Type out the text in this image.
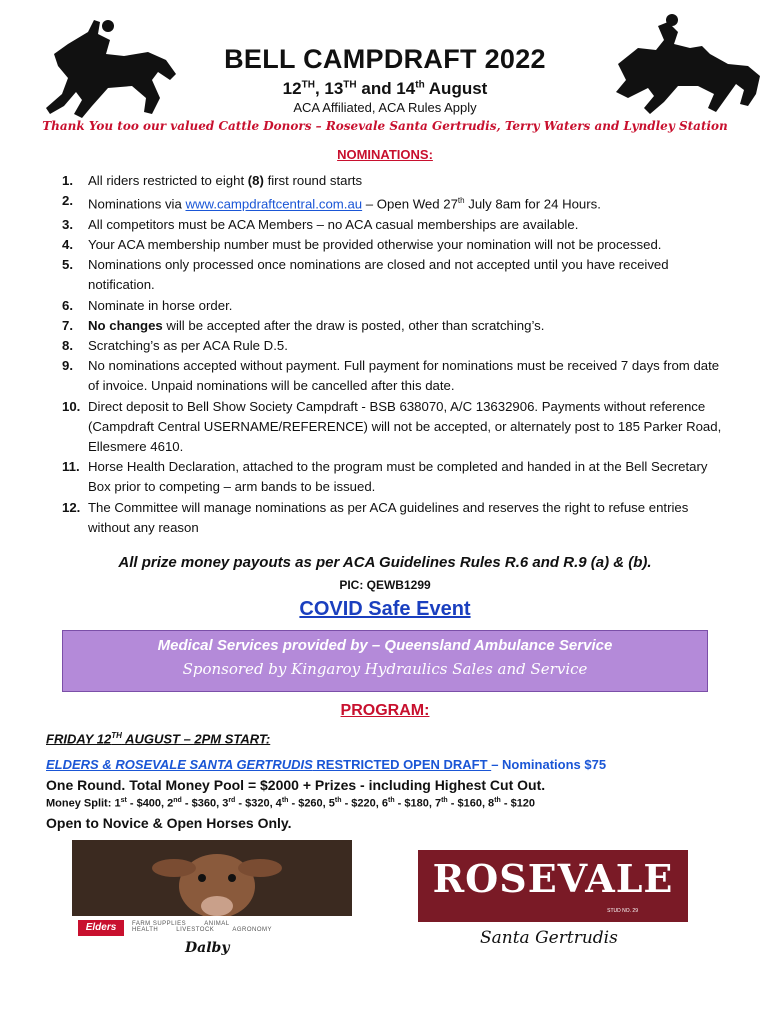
BELL CAMPDRAFT 2022
12TH, 13TH and 14th August
ACA Affiliated, ACA Rules Apply
Thank You too our valued Cattle Donors – Rosevale Santa Gertrudis, Terry Waters and Lyndley Station
NOMINATIONS:
1.	All riders restricted to eight (8) first round starts
2.	Nominations via www.campdraftcentral.com.au – Open Wed 27th July 8am for 24 Hours.
3.	All competitors must be ACA Members – no ACA casual memberships are available.
4.	Your ACA membership number must be provided otherwise your nomination will not be processed.
5.	Nominations only processed once nominations are closed and not accepted until you have received notification.
6.	Nominate in horse order.
7.	No changes will be accepted after the draw is posted, other than scratching’s.
8.	Scratching’s as per ACA Rule D.5.
9.	No nominations accepted without payment. Full payment for nominations must be received 7 days from date of invoice. Unpaid nominations will be cancelled after this date.
10. Direct deposit to Bell Show Society Campdraft - BSB 638070, A/C 13632906. Payments without reference (Campdraft Central USERNAME/REFERENCE) will not be accepted, or alternately post to 185 Parker Road, Ellesmere 4610.
11. Horse Health Declaration, attached to the program must be completed and handed in at the Bell Secretary Box prior to competing – arm bands to be issued.
12. The Committee will manage nominations as per ACA guidelines and reserves the right to refuse entries without any reason
All prize money payouts as per ACA Guidelines Rules R.6 and R.9 (a) & (b).
PIC: QEWB1299
COVID Safe Event
Medical Services provided by – Queensland Ambulance Service
Sponsored by Kingaroy Hydraulics Sales and Service
PROGRAM:
FRIDAY 12TH AUGUST – 2PM START:
ELDERS & ROSEVALE SANTA GERTRUDIS RESTRICTED OPEN DRAFT – Nominations $75
One Round. Total Money Pool = $2000 + Prizes - including Highest Cut Out.
Money Split: 1st - $400, 2nd - $360, 3rd - $320, 4th - $260, 5th - $220, 6th - $180, 7th - $160, 8th - $120
Open to Novice & Open Horses Only.
Elders	FARM SUPPLIES	ANIMAL HEALTH	LIVESTOCK	AGRONOMY
Dalby
ROSEVALE
STUD NO. 29
Santa Gertrudis
